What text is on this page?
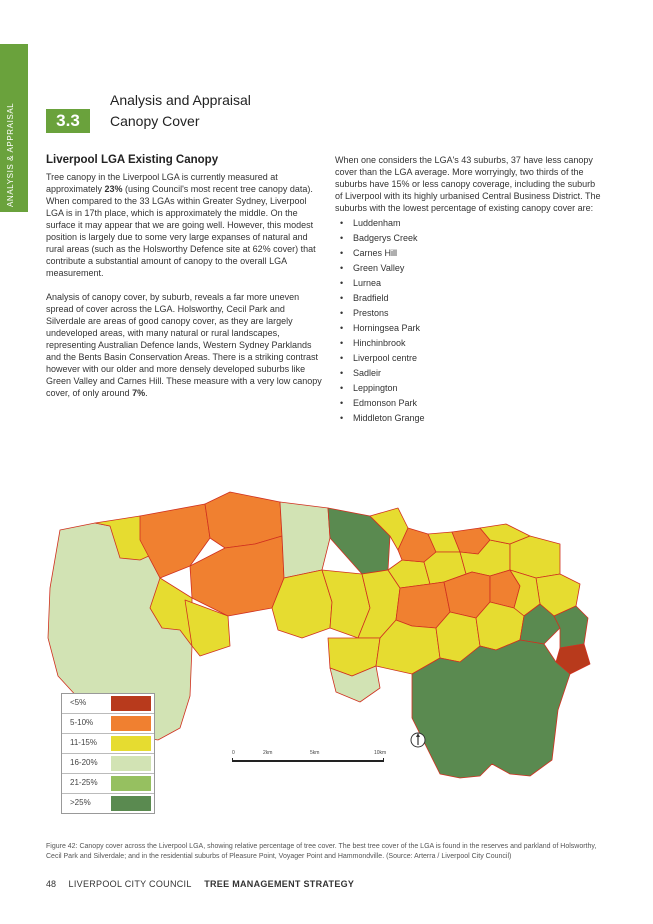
ANALYSIS & APPRAISAL	3.3
Analysis and Appraisal
Canopy Cover
Liverpool LGA Existing Canopy

Tree canopy in the Liverpool LGA is currently measured at approximately 23% (using Council's most recent tree canopy data). When compared to the 33 LGAs within Greater Sydney, Liverpool LGA is in 17th place, which is approximately the middle. On the surface it may appear that we are going well. However, this modest position is largely due to some very large expanses of natural and rural areas (such as the Holsworthy Defence site at 62% cover) that contribute a substantial amount of canopy to the overall LGA measurement.

Analysis of canopy cover, by suburb, reveals a far more uneven spread of cover across the LGA. Holsworthy, Cecil Park and Silverdale are areas of good canopy cover, as they are largely undeveloped areas, with many natural or rural landscapes, representing Australian Defence lands, Western Sydney Parklands and the Bents Basin Conservation Areas. There is a striking contrast however with our older and more densely developed suburbs like Green Valley and Carnes Hill. These measure with a very low canopy cover, of only around 7%.

When one considers the LGA's 43 suburbs, 37 have less canopy cover than the LGA average. More worryingly, two thirds of the suburbs have 15% or less canopy coverage, including the suburb of Liverpool with its highly urbanised Central Business District. The suburbs with the lowest percentage of existing canopy cover are:

• Luddenham
• Badgerys Creek
• Carnes Hill
• Green Valley
• Lurnea
• Bradfield
• Prestons
• Horningsea Park
• Hinchinbrook
• Liverpool centre
• Sadleir
• Leppington
• Edmonson Park
• Middleton Grange
<5%
5-10%
11-15%
16-20%
21-25%
>25%
0	2km	5km	10km
Figure 42: Canopy cover across the Liverpool LGA, showing relative percentage of tree cover. The best tree cover of the LGA is found in the reserves and parkland of Holsworthy, Cecil Park and Silverdale; and in the residential suburbs of Pleasure Point, Voyager Point and Hammondville. (Source: Arterra / Liverpool City Council)
48 LIVERPOOL CITY COUNCIL TREE MANAGEMENT STRATEGY
